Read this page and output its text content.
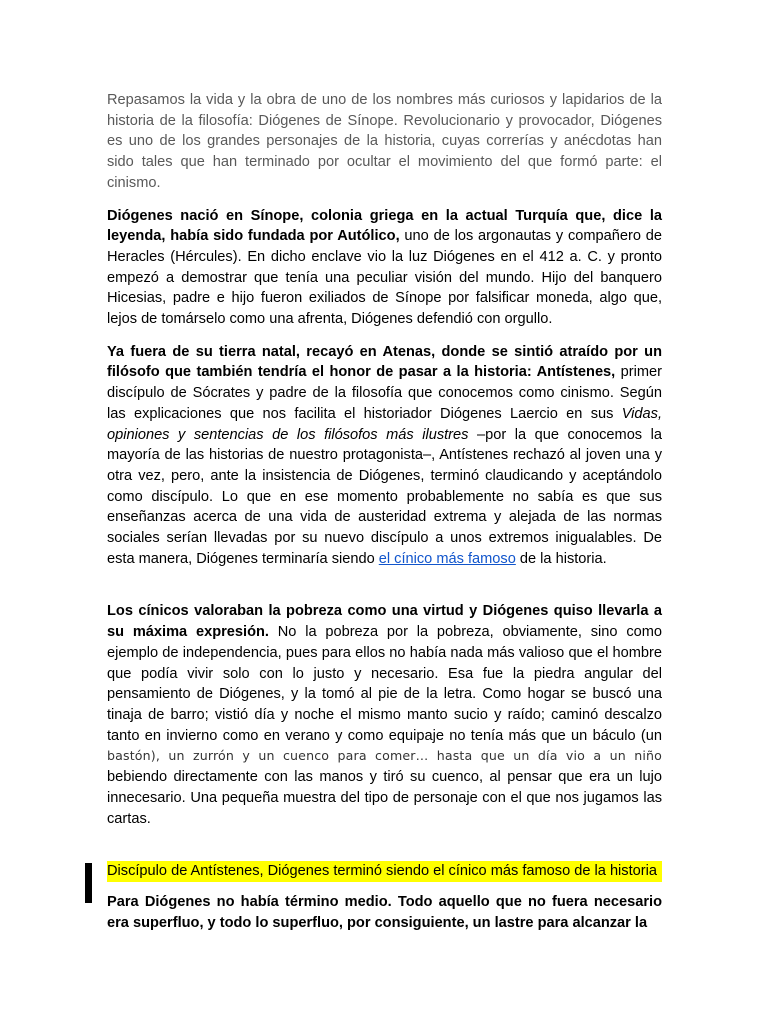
Repasamos la vida y la obra de uno de los nombres más curiosos y lapidarios de la historia de la filosofía: Diógenes de Sínope. Revolucionario y provocador, Diógenes es uno de los grandes personajes de la historia, cuyas correrías y anécdotas han sido tales que han terminado por ocultar el movimiento del que formó parte: el cinismo.

Diógenes nació en Sínope, colonia griega en la actual Turquía que, dice la leyenda, había sido fundada por Autólico, uno de los argonautas y compañero de Heracles (Hércules). En dicho enclave vio la luz Diógenes en el 412 a. C. y pronto empezó a demostrar que tenía una peculiar visión del mundo. Hijo del banquero Hicesias, padre e hijo fueron exiliados de Sínope por falsificar moneda, algo que, lejos de tomárselo como una afrenta, Diógenes defendió con orgullo.

Ya fuera de su tierra natal, recayó en Atenas, donde se sintió atraído por un filósofo que también tendría el honor de pasar a la historia: Antístenes, primer discípulo de Sócrates y padre de la filosofía que conocemos como cinismo. Según las explicaciones que nos facilita el historiador Diógenes Laercio en sus Vidas, opiniones y sentencias de los filósofos más ilustres –por la que conocemos la mayoría de las historias de nuestro protagonista–, Antístenes rechazó al joven una y otra vez, pero, ante la insistencia de Diógenes, terminó claudicando y aceptándolo como discípulo. Lo que en ese momento probablemente no sabía es que sus enseñanzas acerca de una vida de austeridad extrema y alejada de las normas sociales serían llevadas por su nuevo discípulo a unos extremos inigualables. De esta manera, Diógenes terminaría siendo el cínico más famoso de la historia.

Los cínicos valoraban la pobreza como una virtud y Diógenes quiso llevarla a su máxima expresión. No la pobreza por la pobreza, obviamente, sino como ejemplo de independencia, pues para ellos no había nada más valioso que el hombre que podía vivir solo con lo justo y necesario. Esa fue la piedra angular del pensamiento de Diógenes, y la tomó al pie de la letra. Como hogar se buscó una tinaja de barro; vistió día y noche el mismo manto sucio y raído; caminó descalzo tanto en invierno como en verano y como equipaje no tenía más que un báculo (un bastón), un zurrón y un cuenco para comer… hasta que un día vio a un niño bebiendo directamente con las manos y tiró su cuenco, al pensar que era un lujo innecesario. Una pequeña muestra del tipo de personaje con el que nos jugamos las cartas.

Discípulo de Antístenes, Diógenes terminó siendo el cínico más famoso de la historia

Para Diógenes no había término medio. Todo aquello que no fuera necesario era superfluo, y todo lo superfluo, por consiguiente, un lastre para alcanzar la
